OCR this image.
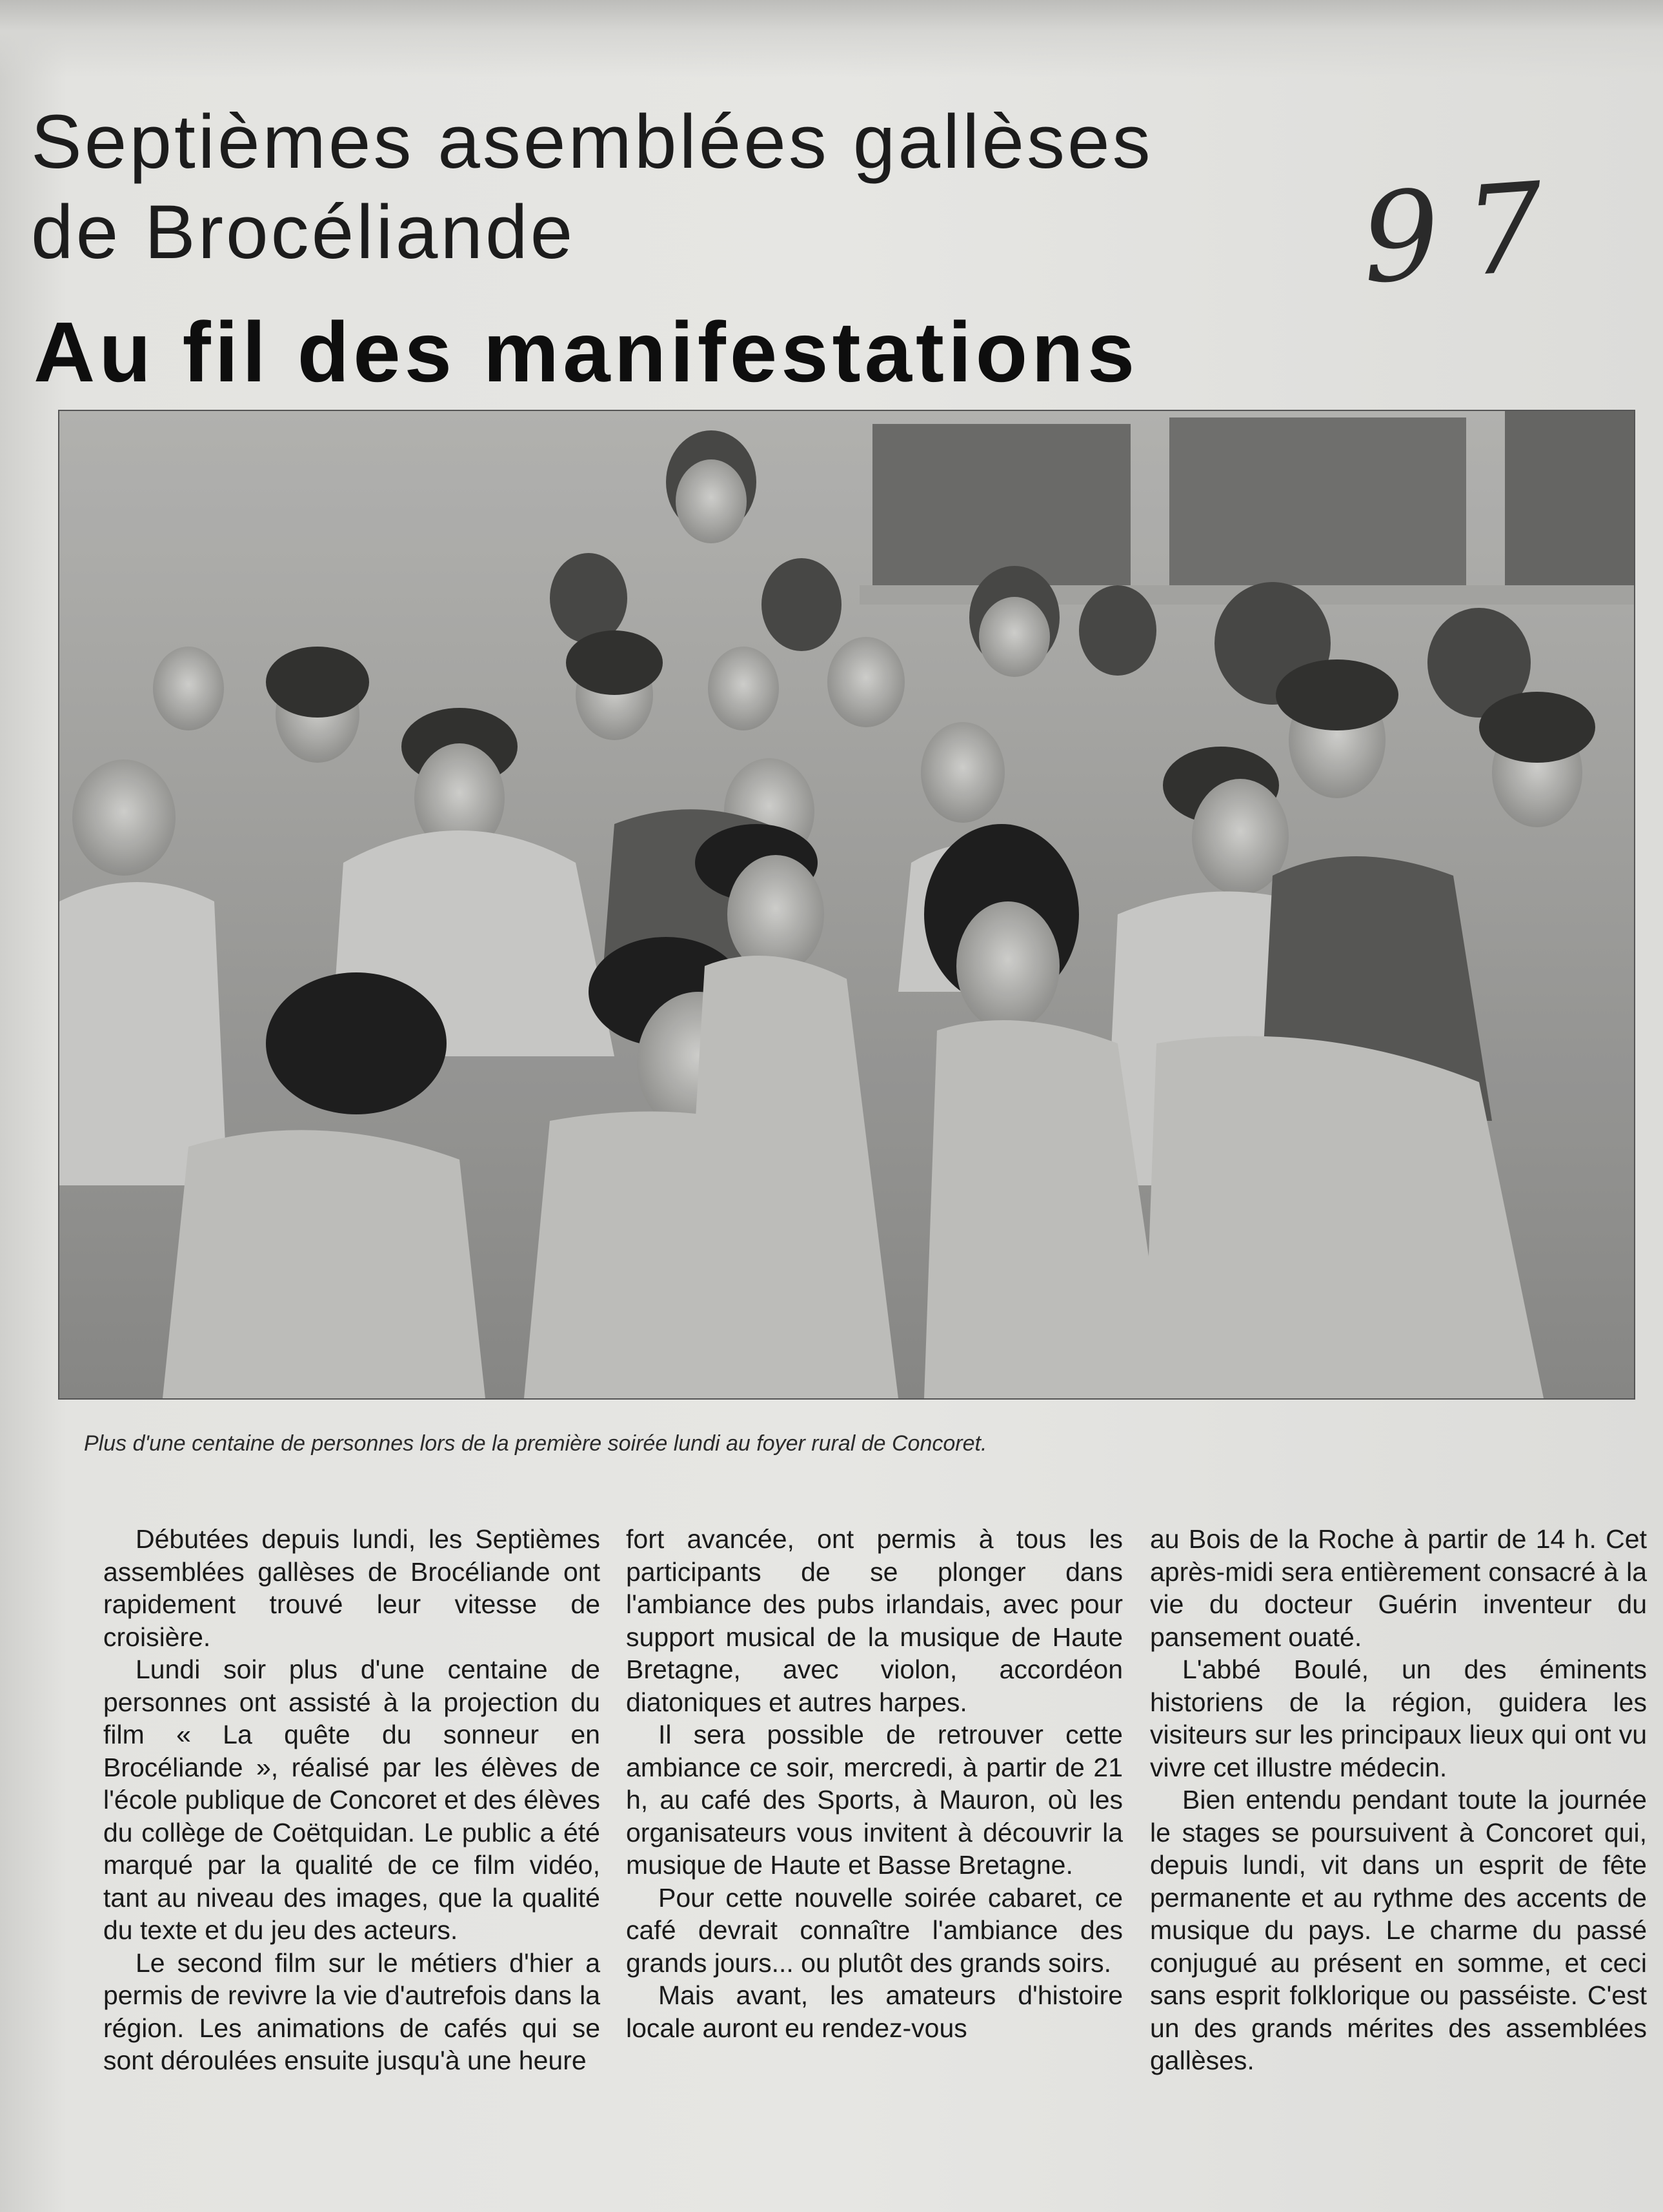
Septièmes asemblées gallèses
de Brocéliande	97
Au fil des manifestations
Plus d'une centaine de personnes lors de la première soirée lundi au foyer rural de Concoret.

Débutées depuis lundi, les Septièmes assemblées gallèses de Brocéliande ont rapidement trouvé leur vitesse de croisière.

Lundi soir plus d'une centaine de personnes ont assisté à la projection du film « La quête du sonneur en Brocéliande », réalisé par les élèves de l'école publique de Concoret et des élèves du collège de Coëtquidan. Le public a été marqué par la qualité de ce film vidéo, tant au niveau des images, que la qualité du texte et du jeu des acteurs.

Le second film sur le métiers d'hier a permis de revivre la vie d'autrefois dans la région. Les animations de cafés qui se sont déroulées ensuite jusqu'à une heure

fort avancée, ont permis à tous les participants de se plonger dans l'ambiance des pubs irlandais, avec pour support musical de la musique de Haute Bretagne, avec violon, accordéon diatoniques et autres harpes.

Il sera possible de retrouver cette ambiance ce soir, mercredi, à partir de 21 h, au café des Sports, à Mauron, où les organisateurs vous invitent à découvrir la musique de Haute et Basse Bretagne.

Pour cette nouvelle soirée cabaret, ce café devrait connaître l'ambiance des grands jours... ou plutôt des grands soirs.

Mais avant, les amateurs d'histoire locale auront eu rendez-vous

au Bois de la Roche à partir de 14 h. Cet après-midi sera entièrement consacré à la vie du docteur Guérin inventeur du pansement ouaté.

L'abbé Boulé, un des éminents historiens de la région, guidera les visiteurs sur les principaux lieux qui ont vu vivre cet illustre médecin.

Bien entendu pendant toute la journée le stages se poursuivent à Concoret qui, depuis lundi, vit dans un esprit de fête permanente et au rythme des accents de musique du pays. Le charme du passé conjugué au présent en somme, et ceci sans esprit folklorique ou passéiste. C'est un des grands mérites des assemblées gallèses.
